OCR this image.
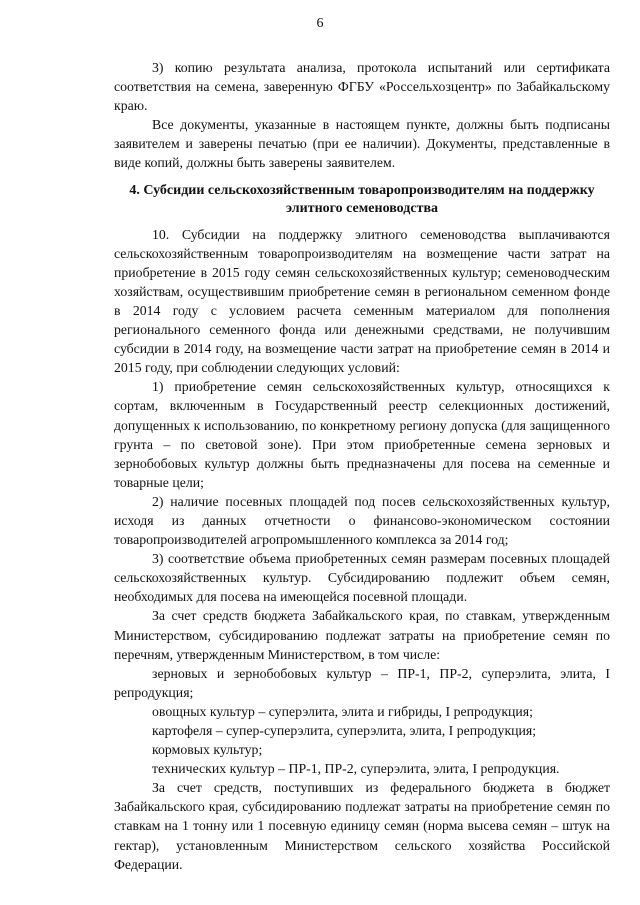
6

3) копию результата анализа, протокола испытаний или сертификата соответствия на семена, заверенную ФГБУ «Россельхозцентр» по Забайкальскому краю.

Все документы, указанные в настоящем пункте, должны быть подписаны заявителем и заверены печатью (при ее наличии). Документы, представленные в виде копий, должны быть заверены заявителем.

4. Субсидии сельскохозяйственным товаропроизводителям на поддержку элитного семеноводства

10. Субсидии на поддержку элитного семеноводства выплачиваются сельскохозяйственным товаропроизводителям на возмещение части затрат на приобретение в 2015 году семян сельскохозяйственных культур; семеноводческим хозяйствам, осуществившим приобретение семян в региональном семенном фонде в 2014 году с условием расчета семенным материалом для пополнения регионального семенного фонда или денежными средствами, не получившим субсидии в 2014 году, на возмещение части затрат на приобретение семян в 2014 и 2015 году, при соблюдении следующих условий:

1) приобретение семян сельскохозяйственных культур, относящихся к сортам, включенным в Государственный реестр селекционных достижений, допущенных к использованию, по конкретному региону допуска (для защищенного грунта – по световой зоне). При этом приобретенные семена зерновых и зернобобовых культур должны быть предназначены для посева на семенные и товарные цели;

2) наличие посевных площадей под посев сельскохозяйственных культур, исходя из данных отчетности о финансово-экономическом состоянии товаропроизводителей агропромышленного комплекса за 2014 год;

3) соответствие объема приобретенных семян размерам посевных площадей сельскохозяйственных культур. Субсидированию подлежит объем семян, необходимых для посева на имеющейся посевной площади.

За счет средств бюджета Забайкальского края, по ставкам, утвержденным Министерством, субсидированию подлежат затраты на приобретение семян по перечням, утвержденным Министерством, в том числе:

зерновых и зернобобовых культур – ПР-1, ПР-2, суперэлита, элита, I репродукция;

овощных культур – суперэлита, элита и гибриды, I репродукция;

картофеля – супер-суперэлита, суперэлита, элита, I репродукция;

кормовых культур;

технических культур – ПР-1, ПР-2, суперэлита, элита, I репродукция.

За счет средств, поступивших из федерального бюджета в бюджет Забайкальского края, субсидированию подлежат затраты на приобретение семян по ставкам на 1 тонну или 1 посевную единицу семян (норма высева семян – штук на гектар), установленным Министерством сельского хозяйства Российской Федерации.
